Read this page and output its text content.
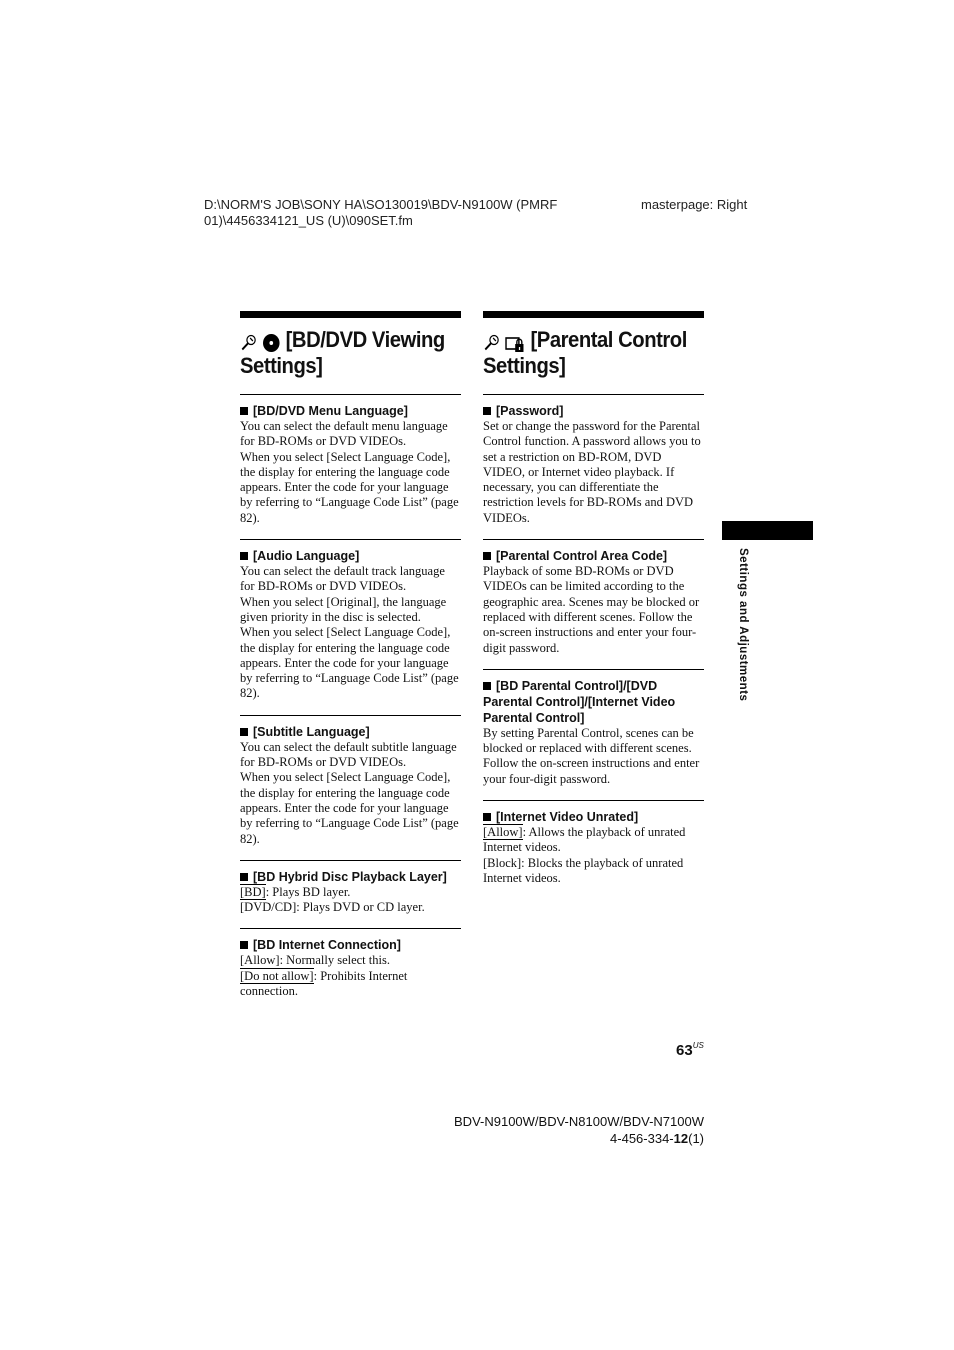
D:\NORM'S JOB\SONY HA\SO130019\BDV-N9100W (PMRF
01)\4456334121_US (U)\090SET.fm
masterpage: Right
[BD/DVD Viewing
Settings]
[BD/DVD Menu Language]

You can select the default menu language for BD-ROMs or DVD VIDEOs.

When you select [Select Language Code], the display for entering the language code appears. Enter the code for your language by referring to “Language Code List” (page 82).

[Audio Language]

You can select the default track language for BD-ROMs or DVD VIDEOs.

When you select [Original], the language given priority in the disc is selected.

When you select [Select Language Code], the display for entering the language code appears. Enter the code for your language by referring to “Language Code List” (page 82).

[Subtitle Language]

You can select the default subtitle language for BD-ROMs or DVD VIDEOs.

When you select [Select Language Code], the display for entering the language code appears. Enter the code for your language by referring to “Language Code List” (page 82).

[BD Hybrid Disc Playback Layer]

[BD]: Plays BD layer.

[DVD/CD]: Plays DVD or CD layer.

[BD Internet Connection]

[Allow]: Normally select this.

[Do not allow]: Prohibits Internet connection.

[Parental Control
Settings]
[Password]

Set or change the password for the Parental Control function. A password allows you to set a restriction on BD-ROM, DVD VIDEO, or Internet video playback. If necessary, you can differentiate the restriction levels for BD-ROMs and DVD VIDEOs.

[Parental Control Area Code]

Playback of some BD-ROMs or DVD VIDEOs can be limited according to the geographic area. Scenes may be blocked or replaced with different scenes. Follow the on-screen instructions and enter your four-digit password.

[BD Parental Control]/[DVD Parental Control]/[Internet Video Parental Control]

By setting Parental Control, scenes can be blocked or replaced with different scenes. Follow the on-screen instructions and enter your four-digit password.

[Internet Video Unrated]

[Allow]: Allows the playback of unrated Internet videos.

[Block]: Blocks the playback of unrated Internet videos.

Settings and Adjustments
$63^{US}$
BDV-N9100W/BDV-N8100W/BDV-N7100W
4-456-334-12(1)
